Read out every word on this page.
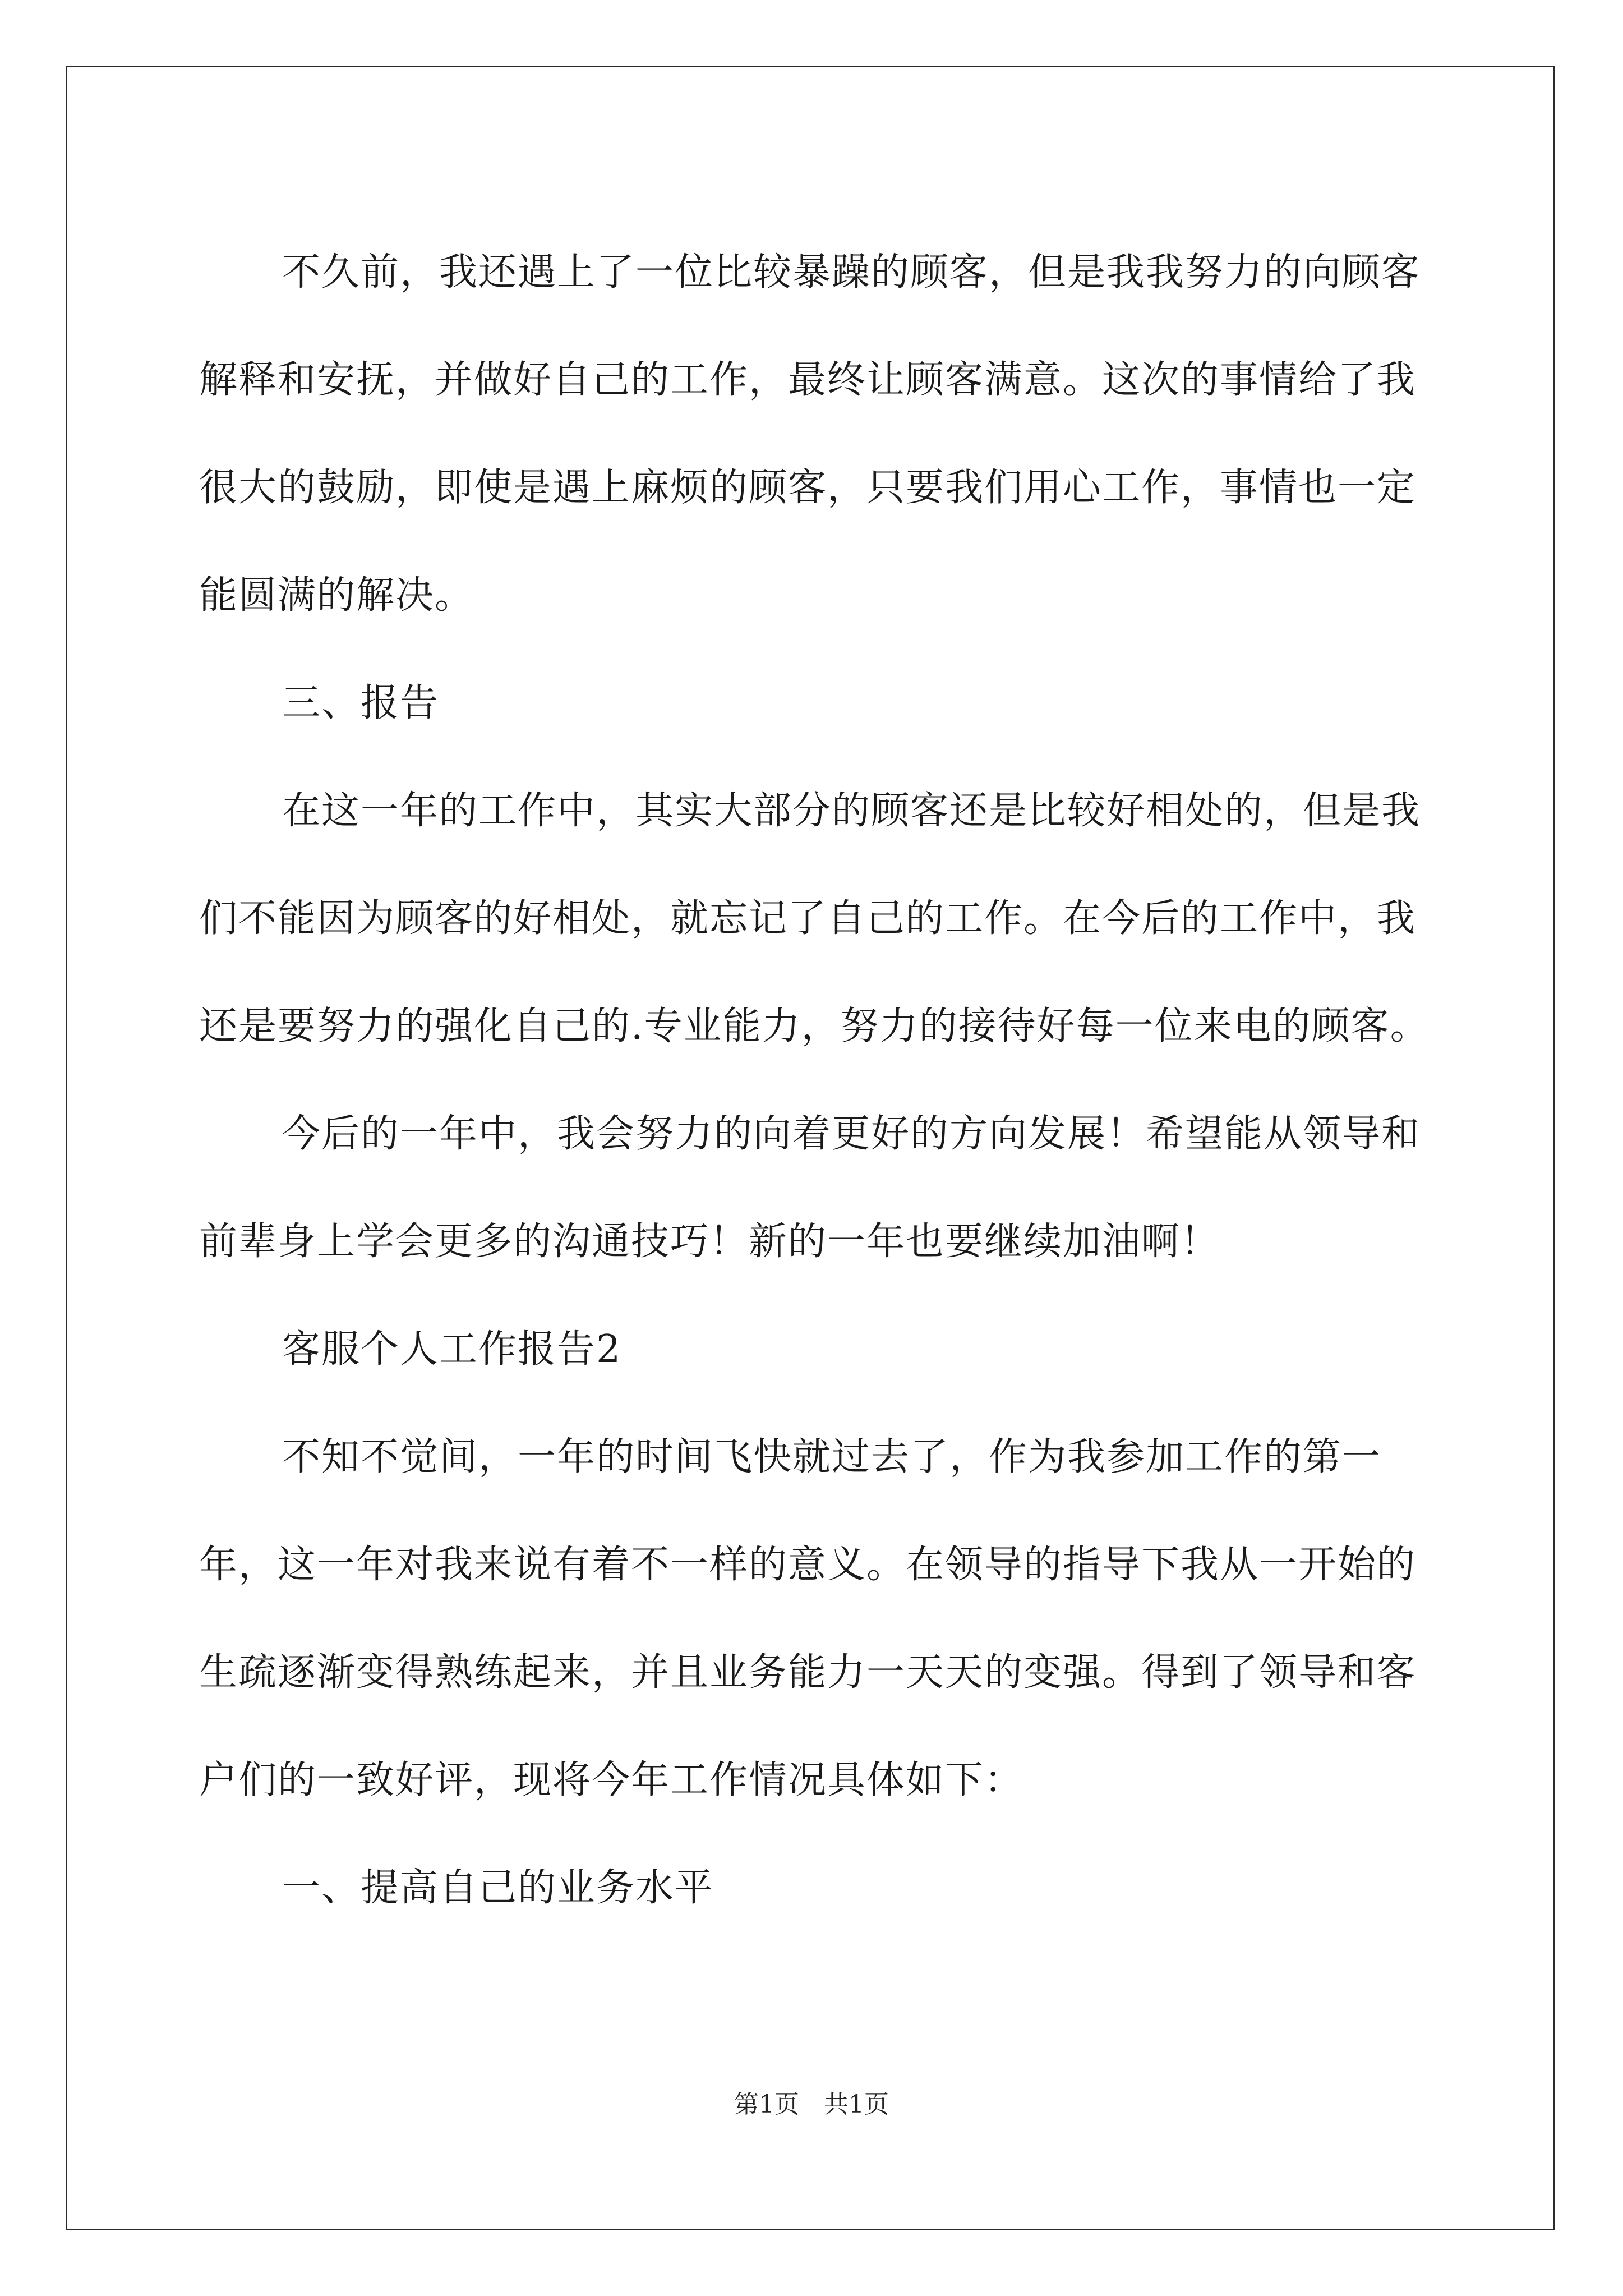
不久前，我还遇上了一位比较暴躁的顾客，但是我我努力的向顾客解释和安抚，并做好自己的工作，最终让顾客满意。这次的事情给了我很大的鼓励，即使是遇上麻烦的顾客，只要我们用心工作，事情也一定能圆满的解决。

三、报告

在这一年的工作中，其实大部分的顾客还是比较好相处的，但是我们不能因为顾客的好相处，就忘记了自己的工作。在今后的工作中，我还是要努力的强化自己的.专业能力，努力的接待好每一位来电的顾客。

今后的一年中，我会努力的向着更好的方向发展！希望能从领导和前辈身上学会更多的沟通技巧！新的一年也要继续加油啊！

客服个人工作报告2

不知不觉间，一年的时间飞快就过去了，作为我参加工作的第一年，这一年对我来说有着不一样的意义。在领导的指导下我从一开始的生疏逐渐变得熟练起来，并且业务能力一天天的变强。得到了领导和客户们的一致好评，现将今年工作情况具体如下：

一、提高自己的业务水平

第1页　共1页
